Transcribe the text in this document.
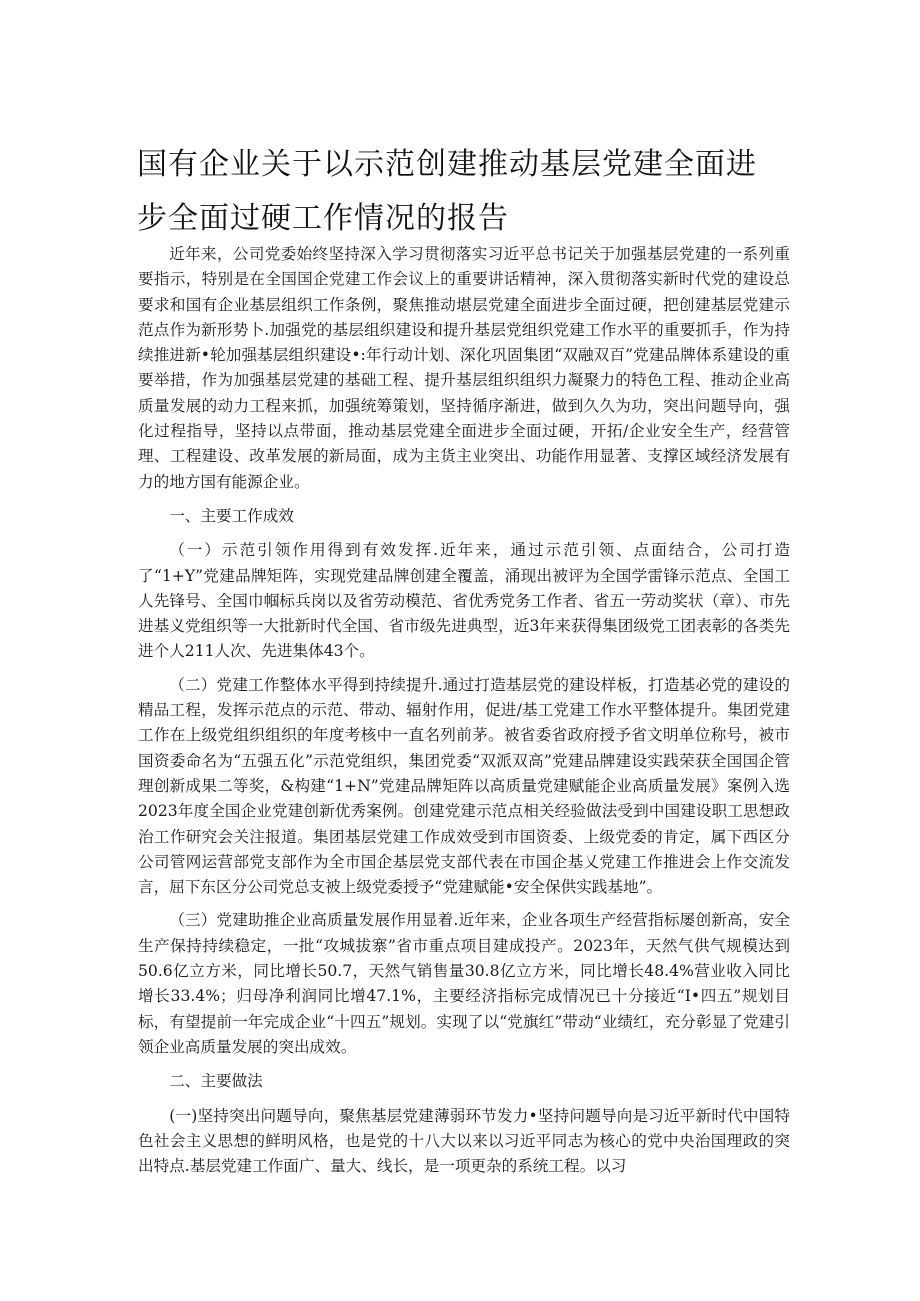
国有企业关于以示范创建推动基层党建全面进步全面过硬工作情况的报告

近年来，公司党委始终坚持深入学习贯彻落实习近平总书记关于加强基层党建的一系列重要指示，特别是在全国国企党建工作会议上的重要讲话精神，深入贯彻落实新时代党的建设总要求和国有企业基层组织工作条例，聚焦推动堪层党建全面进步全面过硬，把创建基层党建示范点作为新形势卜.加强党的基层组织建设和提升基层党组织党建工作水平的重要抓手，作为持续推进新•轮加强基层组织建设•:年行动计划、深化巩固集团“双融双百”党建品牌体系建设的重要举措，作为加强基层党建的基础工程、提升基层组织组织力凝聚力的特色工程、推动企业高质量发展的动力工程来抓，加强统筹策划，坚持循序渐进，做到久久为功，突出问题导向，强化过程指导，坚持以点带面，推动基层党建全面进步全面过硬，开拓/企业安全生产，经营管理、工程建设、改革发展的新局面，成为主货主业突出、功能作用显著、支撑区域经济发展有力的地方国有能源企业。

一、主要工作成效

（一）示范引领作用得到有效发挥.近年来，通过示范引领、点面结合，公司打造了“1+Y”党建品牌矩阵，实现党建品牌创建全覆盖，涌现出被评为全国学雷锋示范点、全国工人先锋号、全国巾帼标兵岗以及省劳动模范、省优秀党务工作者、省五一劳动奖状（章）、市先进基义党组织等一大批新时代全国、省市级先进典型，近3年来获得集团级党工团表彰的各类先进个人211人次、先进集体43个。

（二）党建工作整体水平得到持续提升.通过打造基层党的建设样板，打造基必党的建设的精品工程，发挥示范点的示范、带动、辐射作用，促进/基工党建工作水平整体提升。集团党建工作在上级党组织组织的年度考核中一直名列前茅。被省委省政府授予省文明单位称号，被市国资委命名为“五强五化”示范党组织，集团党委“双派双高”党建品牌建设实践荣获全国国企管理创新成果二等奖，&构建“1+N”党建品牌矩阵以高质量党建赋能企业高质量发展》案例入选2023年度全国企业党建创新优秀案例。创建党建示范点相关经验做法受到中国建设职工思想政治工作研究会关注报道。集团基层党建工作成效受到市国资委、上级党委的肯定，属下西区分公司管网运营部党支部作为全市国企基层党支部代表在市国企基乂党建工作推进会上作交流发言，屈下东区分公司党总支被上级党委授予“党建赋能•安全保供实践基地”。

（三）党建助推企业高质量发展作用显着.近年来，企业各项生产经营指标屡创新高，安全生产保持持续稳定，一批“攻城拔寨”省市重点项目建成投产。2023年，天然气供气规模达到50.6亿立方米，同比增长50.7，天然气销售量30.8亿立方米，同比增长48.4%营业收入同比增长33.4%；归母净利润同比增47.1%，主要经济指标完成情况已十分接近“I•四五”规划目标，有望提前一年完成企业“十四五”规划。实现了以“党旗红”带动“业绩红，充分彰显了党建引领企业高质量发展的突出成效。

二、主要做法

(一)坚持突出问题导向，聚焦基层党建薄弱环节发力•坚持问题导向是习近平新时代中国特色社会主义思想的鲜明风格，也是党的十八大以来以习近平同志为核心的党中央治国理政的突出特点.基层党建工作面广、量大、线长，是一项更杂的系统工程。以习
